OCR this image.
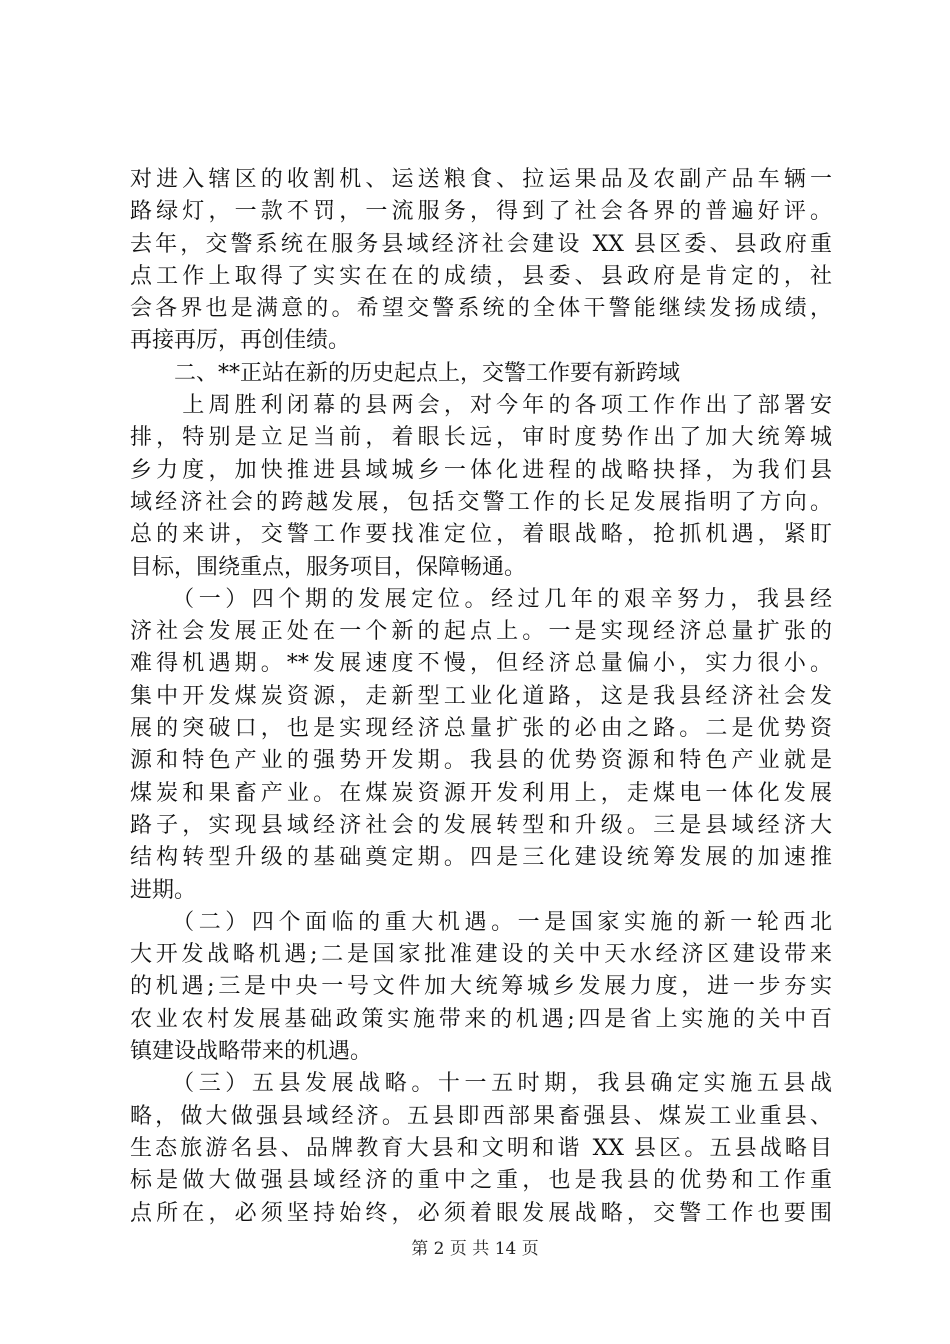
对进入辖区的收割机、运送粮食、拉运果品及农副产品车辆一
路绿灯，一款不罚，一流服务，得到了社会各界的普遍好评。
去年，交警系统在服务县域经济社会建设 XX 县区委、县政府重
点工作上取得了实实在在的成绩，县委、县政府是肯定的，社
会各界也是满意的。希望交警系统的全体干警能继续发扬成绩，
再接再厉，再创佳绩。
　　二、**正站在新的历史起点上，交警工作要有新跨域
　　上周胜利闭幕的县两会，对今年的各项工作作出了部署安
排，特别是立足当前，着眼长远，审时度势作出了加大统筹城
乡力度，加快推进县域城乡一体化进程的战略抉择，为我们县
域经济社会的跨越发展，包括交警工作的长足发展指明了方向。
总的来讲，交警工作要找准定位，着眼战略，抢抓机遇，紧盯
目标，围绕重点，服务项目，保障畅通。
　　（一）四个期的发展定位。经过几年的艰辛努力，我县经
济社会发展正处在一个新的起点上。一是实现经济总量扩张的
难得机遇期。**发展速度不慢，但经济总量偏小，实力很小。
集中开发煤炭资源，走新型工业化道路，这是我县经济社会发
展的突破口，也是实现经济总量扩张的必由之路。二是优势资
源和特色产业的强势开发期。我县的优势资源和特色产业就是
煤炭和果畜产业。在煤炭资源开发利用上，走煤电一体化发展
路子，实现县域经济社会的发展转型和升级。三是县域经济大
结构转型升级的基础奠定期。四是三化建设统筹发展的加速推
进期。
　　（二）四个面临的重大机遇。一是国家实施的新一轮西北
大开发战略机遇;二是国家批准建设的关中天水经济区建设带来
的机遇;三是中央一号文件加大统筹城乡发展力度，进一步夯实
农业农村发展基础政策实施带来的机遇;四是省上实施的关中百
镇建设战略带来的机遇。
　　（三）五县发展战略。十一五时期，我县确定实施五县战
略，做大做强县域经济。五县即西部果畜强县、煤炭工业重县、
生态旅游名县、品牌教育大县和文明和谐 XX 县区。五县战略目
标是做大做强县域经济的重中之重，也是我县的优势和工作重
点所在，必须坚持始终，必须着眼发展战略，交警工作也要围
第 2 页 共 14 页
